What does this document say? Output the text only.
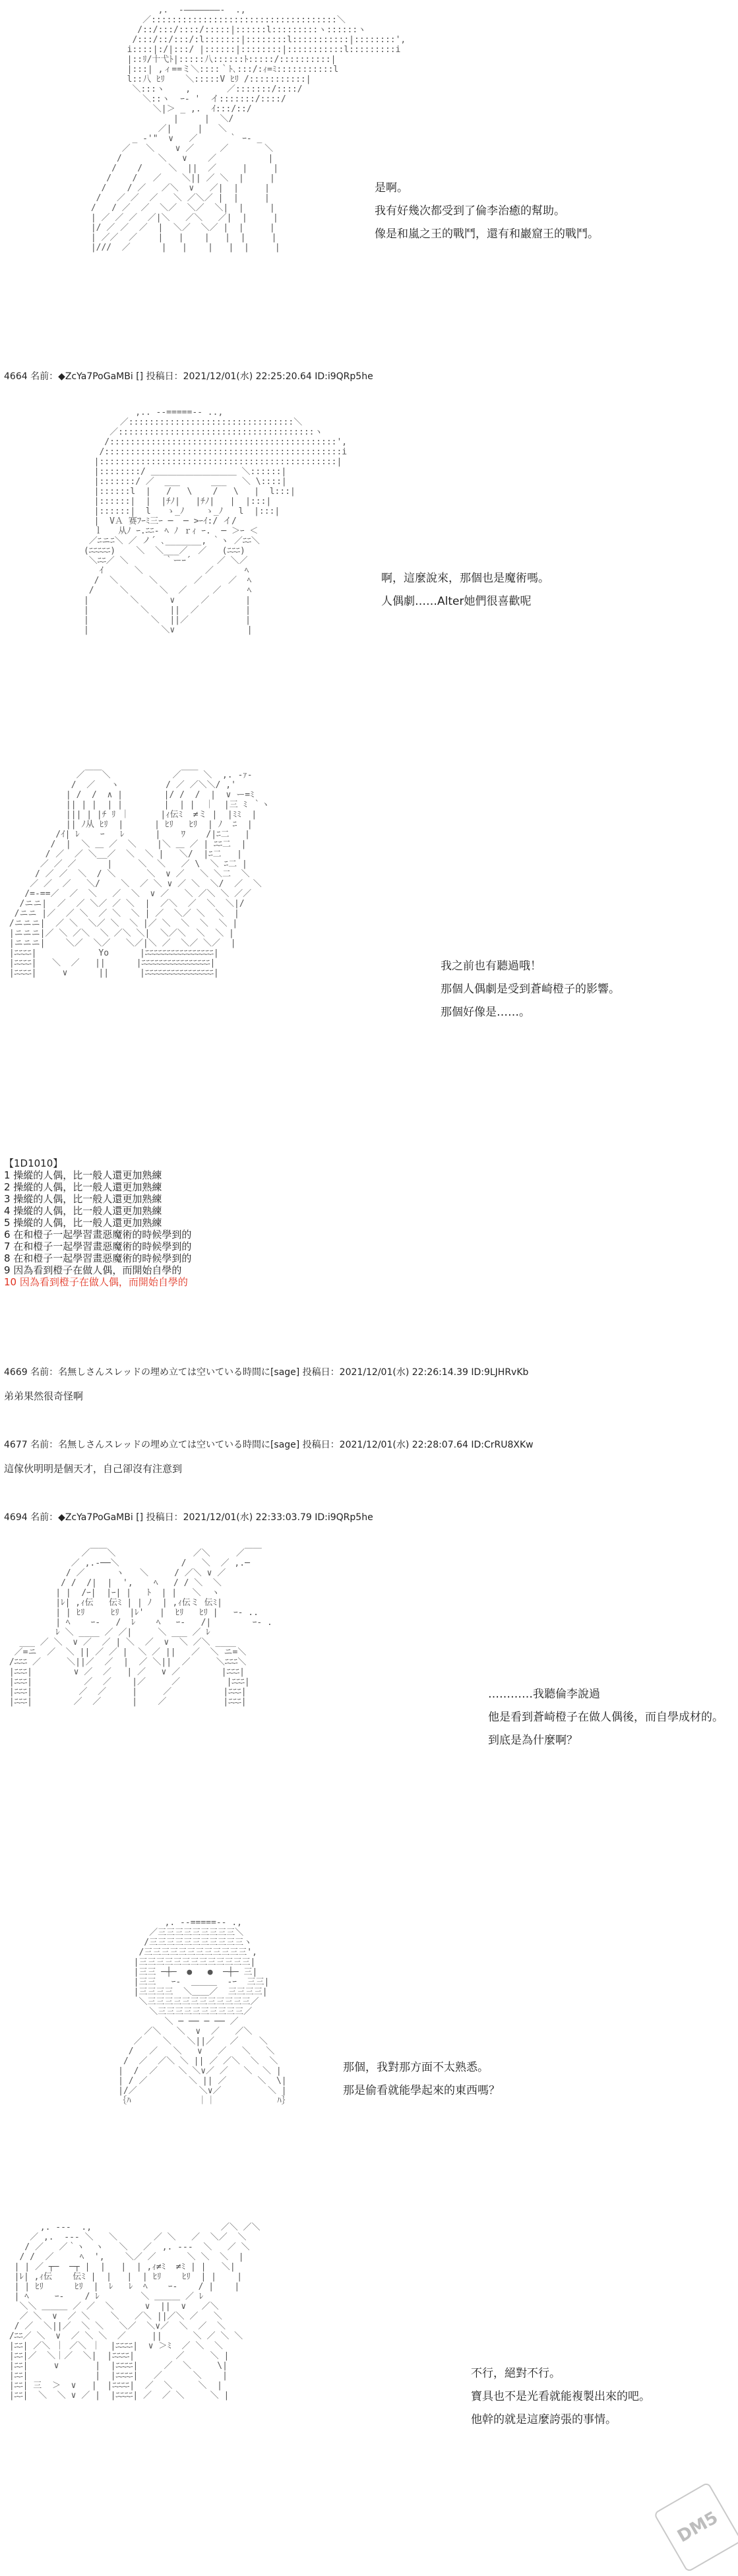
,.  -―――――――-  .,
／::::::::::::::::::::::::::::::::::::＼
/::/:::/::::/:::::|::::::l:::::::::ヽ::::::ヽ
/:::/::/:::/:l:::::::|::::::::l:::::::::::|::::::::',
i::::|:/|:::/ |::::::|::::::::|:::::::::::l:::::::::i
|::ﾘ/十弋ﾄ|:::::八::::::ﾄ:::::/::::::::::|
|:::| ,ィ==ミ＼::::｀ﾄ､:::/:ｨ=ﾐ:::::::::::l
l::八 ﾋﾘ    ＼:::::V ﾋﾘ /:::::::::::|
＼:::ヽ    ,       ／:::::::/::::/
＼::ヽ  ｰ- '  イ:::::::/::::/
＼|＞ _ ,.  ｲ:::/::/
|     |  ＼/
／|     |   ＼
_ -'"  ∨   ／      ｀ ｰ- _
／   ＼    ∨ ／     ／       ＼
/       ＼   ∨    ／          |
/    /     ＼  ||  ／     |     |
/    /   ／    ＼|| ／ ＼  |     |
/    / ／   ／＼  ∨   ／|  |     |
/   ／ ／  ／   ＼ ／＼／ |  |     |
/   / ／  ／  ＼／  ＼／  ＼|  |     |
| ／ ／ ／  ／|＼   ／＼   ／|  |     |
|/ ／ ／  ／  |  ＼／  ＼／ |  |     |
| ／／  ／    |   |    |   |  |     |
|///  ／      |   |    |   |  |     |

是啊。
我有好幾次都受到了倫李治癒的幫助。
像是和嵐之王的戰鬥，還有和巖窟王的戰鬥。
4664 名前：◆ZcYa7PoGaMBi [] 投稿日：2021/12/01(水) 22:25:20.64 ID:i9QRp5he
,.. -‐=====‐- ..,
／::::::::::::::::::::::::::::::::＼
／::::::::::::::::::::::::::::::::::::::ヽ
/::::::::::::::::::::::::::::::::::::::::::::',
/::::::::::::::::::::::::::::::::::::::::::::::i
|::::::::::::::::::::::::::::::::::::::::::::::|
|::::::::/ ＿＿＿＿＿＿＿＿＿＿ ＼::::::|
|:::::::/ ／  ___      ___   ＼ \::::|
|::::::l  |   /   \    /   \   |  l:::|
|::::::|  |  |ﾁﾉ|   |ﾁﾉ|   |  |:::|
|::::::|  l   ゝ_ﾉ    ゝ_ﾉ   l  |:::|
|  VＡ 赛ﾌｰﾐ三ｰ ─  ─ >ｰｲ:/ イ/
ｌ   从ﾉ ｰ.ﾆﾆ- ﾍ ﾉ ｒｨ ｰ.  ─ ＞ｰ ＜
／ﾆニﾆ＼ ／ ノ´ ､_______, ｀ヽ ／ﾆﾆ＼
(ﾆﾆﾆﾆﾆ)    ＼  ＼___／  ／   (ﾆﾆﾆ)
＼ﾆﾆ／ ＼       ｀ーｰ´     ／ ＼／
ｲ      ＼            ／      ﾍ
/  ＼      ＼       ／     ／  ﾍ
/     ＼      ＼  ／     ／     ﾍ
|        ＼      ∨     ／       |
|          ＼    ||  ／         |
|            ＼  ||／           |
|              ＼∨              |

啊，這麼說來，那個也是魔術嗎。
人偶劇……Alter她們很喜歡呢
／￣￣＼            ／￣￣ ＼  ,. -ｧ-
/  ／   ヽ         / ／ ／＼＼/ ,'
| /  /  ∧ |        |/ /  /  |  ∨ ー=ﾐ
|| | |  | |        |  | |  ｜  |三 ﾐ ｀ヽ
||| | |ﾁ ﾘ ｜      |ｨ伝ﾐ  ≠ミ |  |ﾐﾐ  |
|| ﾉ从 ﾋﾘ  |      | ﾋﾘ   ﾋﾘ  | ﾉ  ﾆ  |
/ｲ| ﾚ    ｰ   ﾚ      |    ﾜ    /|ﾆ二   |
/  |  ＼ ＿ ／  ＼    |＼ ＿ ／ | ﾆﾆ二  |
/ ／  ／ ＼__／  ＼  ＼ |   ＼/  |ﾆ二   |
／ ／ ／      |     ＼  ＼   ／ \  ＼ ﾆ二 |
/ ／ ／  ＼  / ＼      ＼  ∨ ／   ＼ ＼二  ＼
／ ／  ／   ＼/    ＼  ／ ＼ ∨ ／ ＼  ＼/  ／  ＼
/=-==／  ／  ＼   ／  ＼  ∨ ／   ＼ ／＼ ＼ ／／
/ニニ|  ／  ／ ＼／ ／ ＼  |  ／＼  ／  ＼  ＼|/
/ニニ |／  ／ ＼  ／ ＼  ＼ | ／  ＼／ ＼  ＼  |
/ニニニ|  ／ ＼  ＼／ ＼  ＼ |／ ＼  ＼  ＼  ＼ |
|ニニニ|／ ＼ ／＼  ＼ ／＼ ＼|  ＼／＼  ＼  ＼ |
|ニニニ|    ＼／  ＼／   ＼／|＼ ／  ＼／ ＼／  |
|ﾆﾆﾆﾆ|            Yo      |ﾆﾆﾆﾆﾆﾆﾆﾆﾆﾆﾆﾆﾆﾆﾆﾆ|
|ﾆﾆﾆﾆ|   ＼  ／   ||      |ﾆﾆﾆﾆﾆﾆﾆﾆﾆﾆﾆﾆﾆﾆﾆﾆ|
|ﾆﾆﾆﾆ|     ∨      ||      |ﾆﾆﾆﾆﾆﾆﾆﾆﾆﾆﾆﾆﾆﾆﾆﾆ|

我之前也有聽過哦！
那個人偶劇是受到蒼崎橙子的影響。
那個好像是……。
【1D1010】
1 操縱的人偶，比一般人還更加熟練
2 操縱的人偶，比一般人還更加熟練
3 操縱的人偶，比一般人還更加熟練
4 操縱的人偶，比一般人還更加熟練
5 操縱的人偶，比一般人還更加熟練
6 在和橙子一起學習畫惡魔術的時候學到的
7 在和橙子一起學習畫惡魔術的時候學到的
8 在和橙子一起學習畫惡魔術的時候學到的
9 因為看到橙子在做人偶，而開始自學的
10 因為看到橙子在做人偶，而開始自學的
4669 名前：名無しさんスレッドの埋め立ては空いている時間に[sage] 投稿日：2021/12/01(水) 22:26:14.39 ID:9LJHRvKb
弟弟果然很奇怪啊
4677 名前：名無しさんスレッドの埋め立ては空いている時間に[sage] 投稿日：2021/12/01(水) 22:28:07.64 ID:CrRU8XKw
這傢伙明明是個天才，自己卻沒有注意到
4694 名前：◆ZcYa7PoGaMBi [] 投稿日：2021/12/01(水) 22:33:03.79 ID:i9QRp5he
／￣￣＼               ／＼     ／￣￣
／ ,.-──＼            /   ＼  ／ ,.─
/ ／      ヽ   ＼     / ／＼ ∨ ／
/ /  /|  |  ',    ﾍ   / / ＼  ＼
| |  /ｰ|  |ｰ| |   ﾄ  | |   ＼  ヽ
|ﾚ| ,ｨ伝   伝ﾐ | | ﾉ  | ,ｨ伝ミ 伝ﾐ|
| | ﾋﾘ     ﾋﾘ  |ﾚ'   |  ﾋﾘ   ﾋﾘ |   ｰ- ..
| ﾍ    ｰ-   /  ﾚ    ﾍ   ｰ-   /|        ｰ- .
ﾚ ＼ ____ ／ ／|     ＼ ___ ／ ﾚ
___ ／ ＼  ∨ ／  ／ | ＼  ／  ∨  ＼ ／＼ ____
／=ニ  ／  ＼ || ／ ／ |  ＼ ／ ||   ／  ＼ ニ=＼
/ﾆﾆﾆ ／     ＼||／  ／  |  ／ ＼||  ／     ＼ﾆﾆﾆ＼
|ﾆﾆﾆ|        ∨ ／  ／   | ／   ∨ ／        |ﾆﾆﾆ|
|ﾆﾆﾆ|          ／  ／    |／     ／         |ﾆﾆﾆ|
|ﾆﾆﾆ|         ／  ／     |     ／          |ﾆﾆﾆ|
|ﾆﾆﾆ|        ／  ／      |    ／           |ﾆﾆﾆ|

…………我聽倫李說過
他是看到蒼崎橙子在做人偶後，而自學成材的。
到底是為什麼啊？
,. -‐=====‐- .,
／三三三三三三三三三＼
/三三三三三三三三三三三ヽ
/三三三三三三三三三三三三',
|三三三三三三三三三三三三三|
|三三 ─┼─  ●   ●  ─┼─ 三|
|三三   ｰ-  ＿＿＿  -ｰ  三三|
|三三三三  ＼＿＿／  三三三三|
＼三三三三三三三三三三三三／
＼三三三三三三三三三三／
＼ ─ ── ─ ── ／
／＼   ＼  ∨  ／   ／＼
／    ＼   ＼||／   ／    ＼
/   ／   ＼   ∨   ／   ＼   ＼
/  ／  ／＼ ＼ || ／ ／＼  ＼  ＼
|  /  ／    ＼ ＼∨／ ／   ＼  ＼ |
| / ／        ＼ || ／      ＼  \|
|/／            ＼∨／         ＼ |
｛ﾊ             ｜｜            ﾊ｝

那個，我對那方面不太熟悉。
那是偷看就能學起來的東西嗎？
,. -‐-  .,                         ／＼ ／＼
／ ,.  -‐‐ ＼   ＼       ／ ＼   ／  ＼／  ＼
/ ／   ／｀ヽ  ヽ   ＼   ／  ,. -‐-  ＼   ／ ＼
/ /  ／     ﾍ  ',    ＼／ ／      ＼ ＼  ＼  |
| | ／ ┬─  ─┬ |  |   |  | ,ｨ≠ﾐ  ≠ﾐ | |   ＼|
|ﾚ| ,ｨ伝    伝ﾐ |  |   |  | ﾋﾘ    ﾋﾘ  | |    |
| | ﾋﾘ      ﾋﾘ  |  ﾚ   ﾚ  ﾍ    ｰ-    / |    |
| ﾍ     ｰ-    / ﾚ        ＼ ＿＿＿ ／ ﾚ
＼＼ ＿＿＿ ／ ／  ＼      ∨  ||  ∨   ／＼
／ ＼  ∨  ／ ＼    ＼   ／＼ ||／＼ ／   ＼
/ ／  ＼||／  ＼ ＼   ＼／  ＼∨／  ＼  ／  ＼
/ﾆﾆ／ ＼  ∨  ／ ＼ ＼  ／     ||      ＼ ／ ＼ ＼
|ﾆﾆ| ／＼ ｜ ／＼ ｜  |ﾆﾆﾆﾆ|  ∨ ＞ﾐ  ／ ＼  ＼
|ﾆﾆ|／  ＼｜／  ＼|  |ﾆﾆﾆﾆ|        ／     ＼ |
|ﾆﾆ|     ∨       |  |ﾆﾆﾆﾆ|     ／  ＼     \|
|ﾆﾆ|             |  |ﾆﾆﾆﾆ|   ／      ＼    |
|ﾆﾆ| 三  ＞  ∨   |  |ﾆﾆﾆﾆ|  ／  ＼     ＼  |
|ﾆﾆ|  ＼  ＼ ∨ ／ |  |ﾆﾆﾆﾆ| ／  ／ ＼     ＼ |

不行，絕對不行。
寶具也不是光看就能複製出來的吧。
他幹的就是這麼誇張的事情。
DM5
